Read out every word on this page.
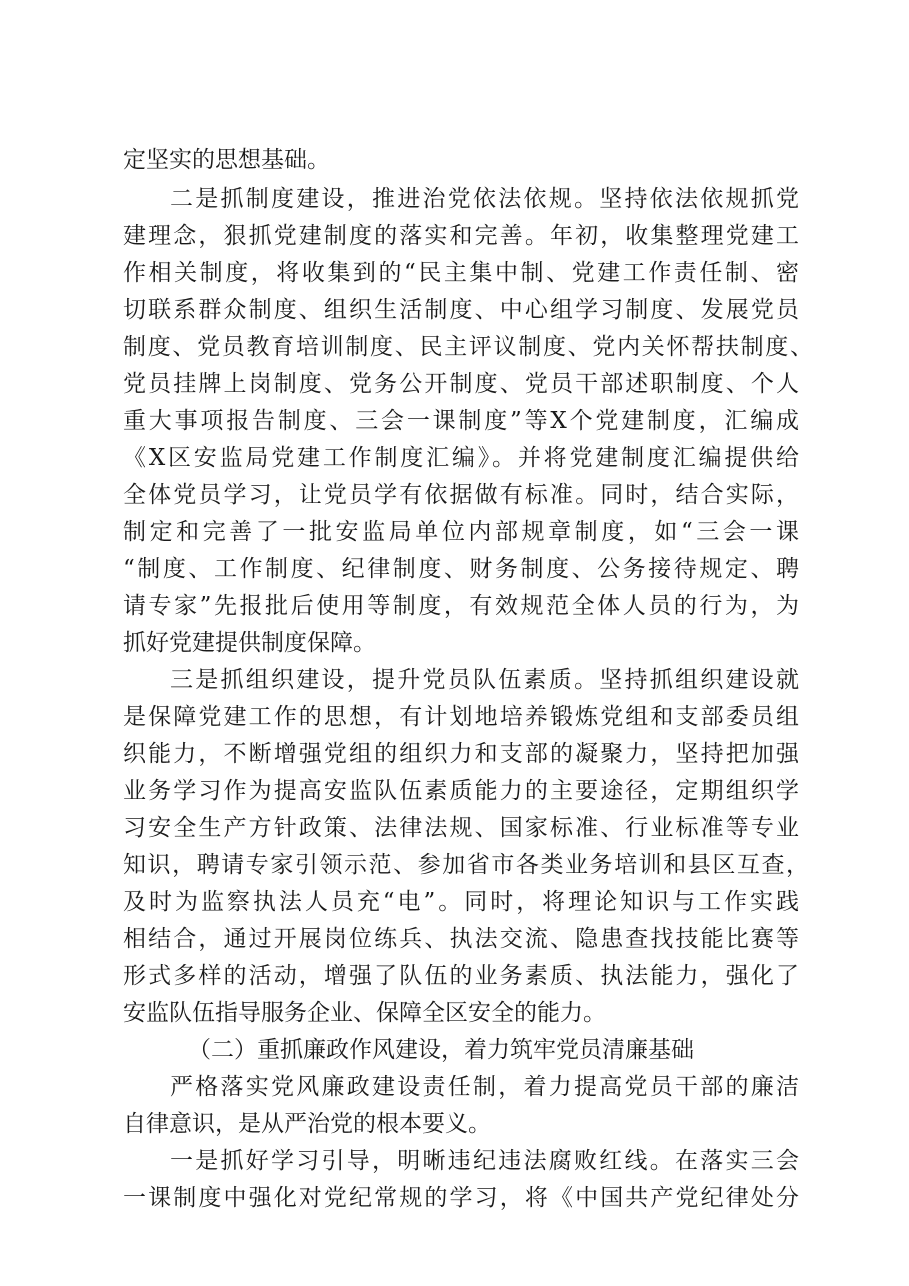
定坚实的思想基础。
二是抓制度建设，推进治党依法依规。坚持依法依规抓党
建理念，狠抓党建制度的落实和完善。年初，收集整理党建工
作相关制度，将收集到的“民主集中制、党建工作责任制、密
切联系群众制度、组织生活制度、中心组学习制度、发展党员
制度、党员教育培训制度、民主评议制度、党内关怀帮扶制度、
党员挂牌上岗制度、党务公开制度、党员干部述职制度、个人
重大事项报告制度、三会一课制度”等X个党建制度，汇编成
《X区安监局党建工作制度汇编》。并将党建制度汇编提供给
全体党员学习，让党员学有依据做有标准。同时，结合实际，
制定和完善了一批安监局单位内部规章制度，如“三会一课
“制度、工作制度、纪律制度、财务制度、公务接待规定、聘
请专家”先报批后使用等制度，有效规范全体人员的行为，为
抓好党建提供制度保障。
三是抓组织建设，提升党员队伍素质。坚持抓组织建设就
是保障党建工作的思想，有计划地培养锻炼党组和支部委员组
织能力，不断增强党组的组织力和支部的凝聚力，坚持把加强
业务学习作为提高安监队伍素质能力的主要途径，定期组织学
习安全生产方针政策、法律法规、国家标准、行业标准等专业
知识，聘请专家引领示范、参加省市各类业务培训和县区互查，
及时为监察执法人员充“电”。同时，将理论知识与工作实践
相结合，通过开展岗位练兵、执法交流、隐患查找技能比赛等
形式多样的活动，增强了队伍的业务素质、执法能力，强化了
安监队伍指导服务企业、保障全区安全的能力。
（二）重抓廉政作风建设，着力筑牢党员清廉基础
严格落实党风廉政建设责任制，着力提高党员干部的廉洁
自律意识，是从严治党的根本要义。
一是抓好学习引导，明晰违纪违法腐败红线。在落实三会
一课制度中强化对党纪常规的学习，将《中国共产党纪律处分
